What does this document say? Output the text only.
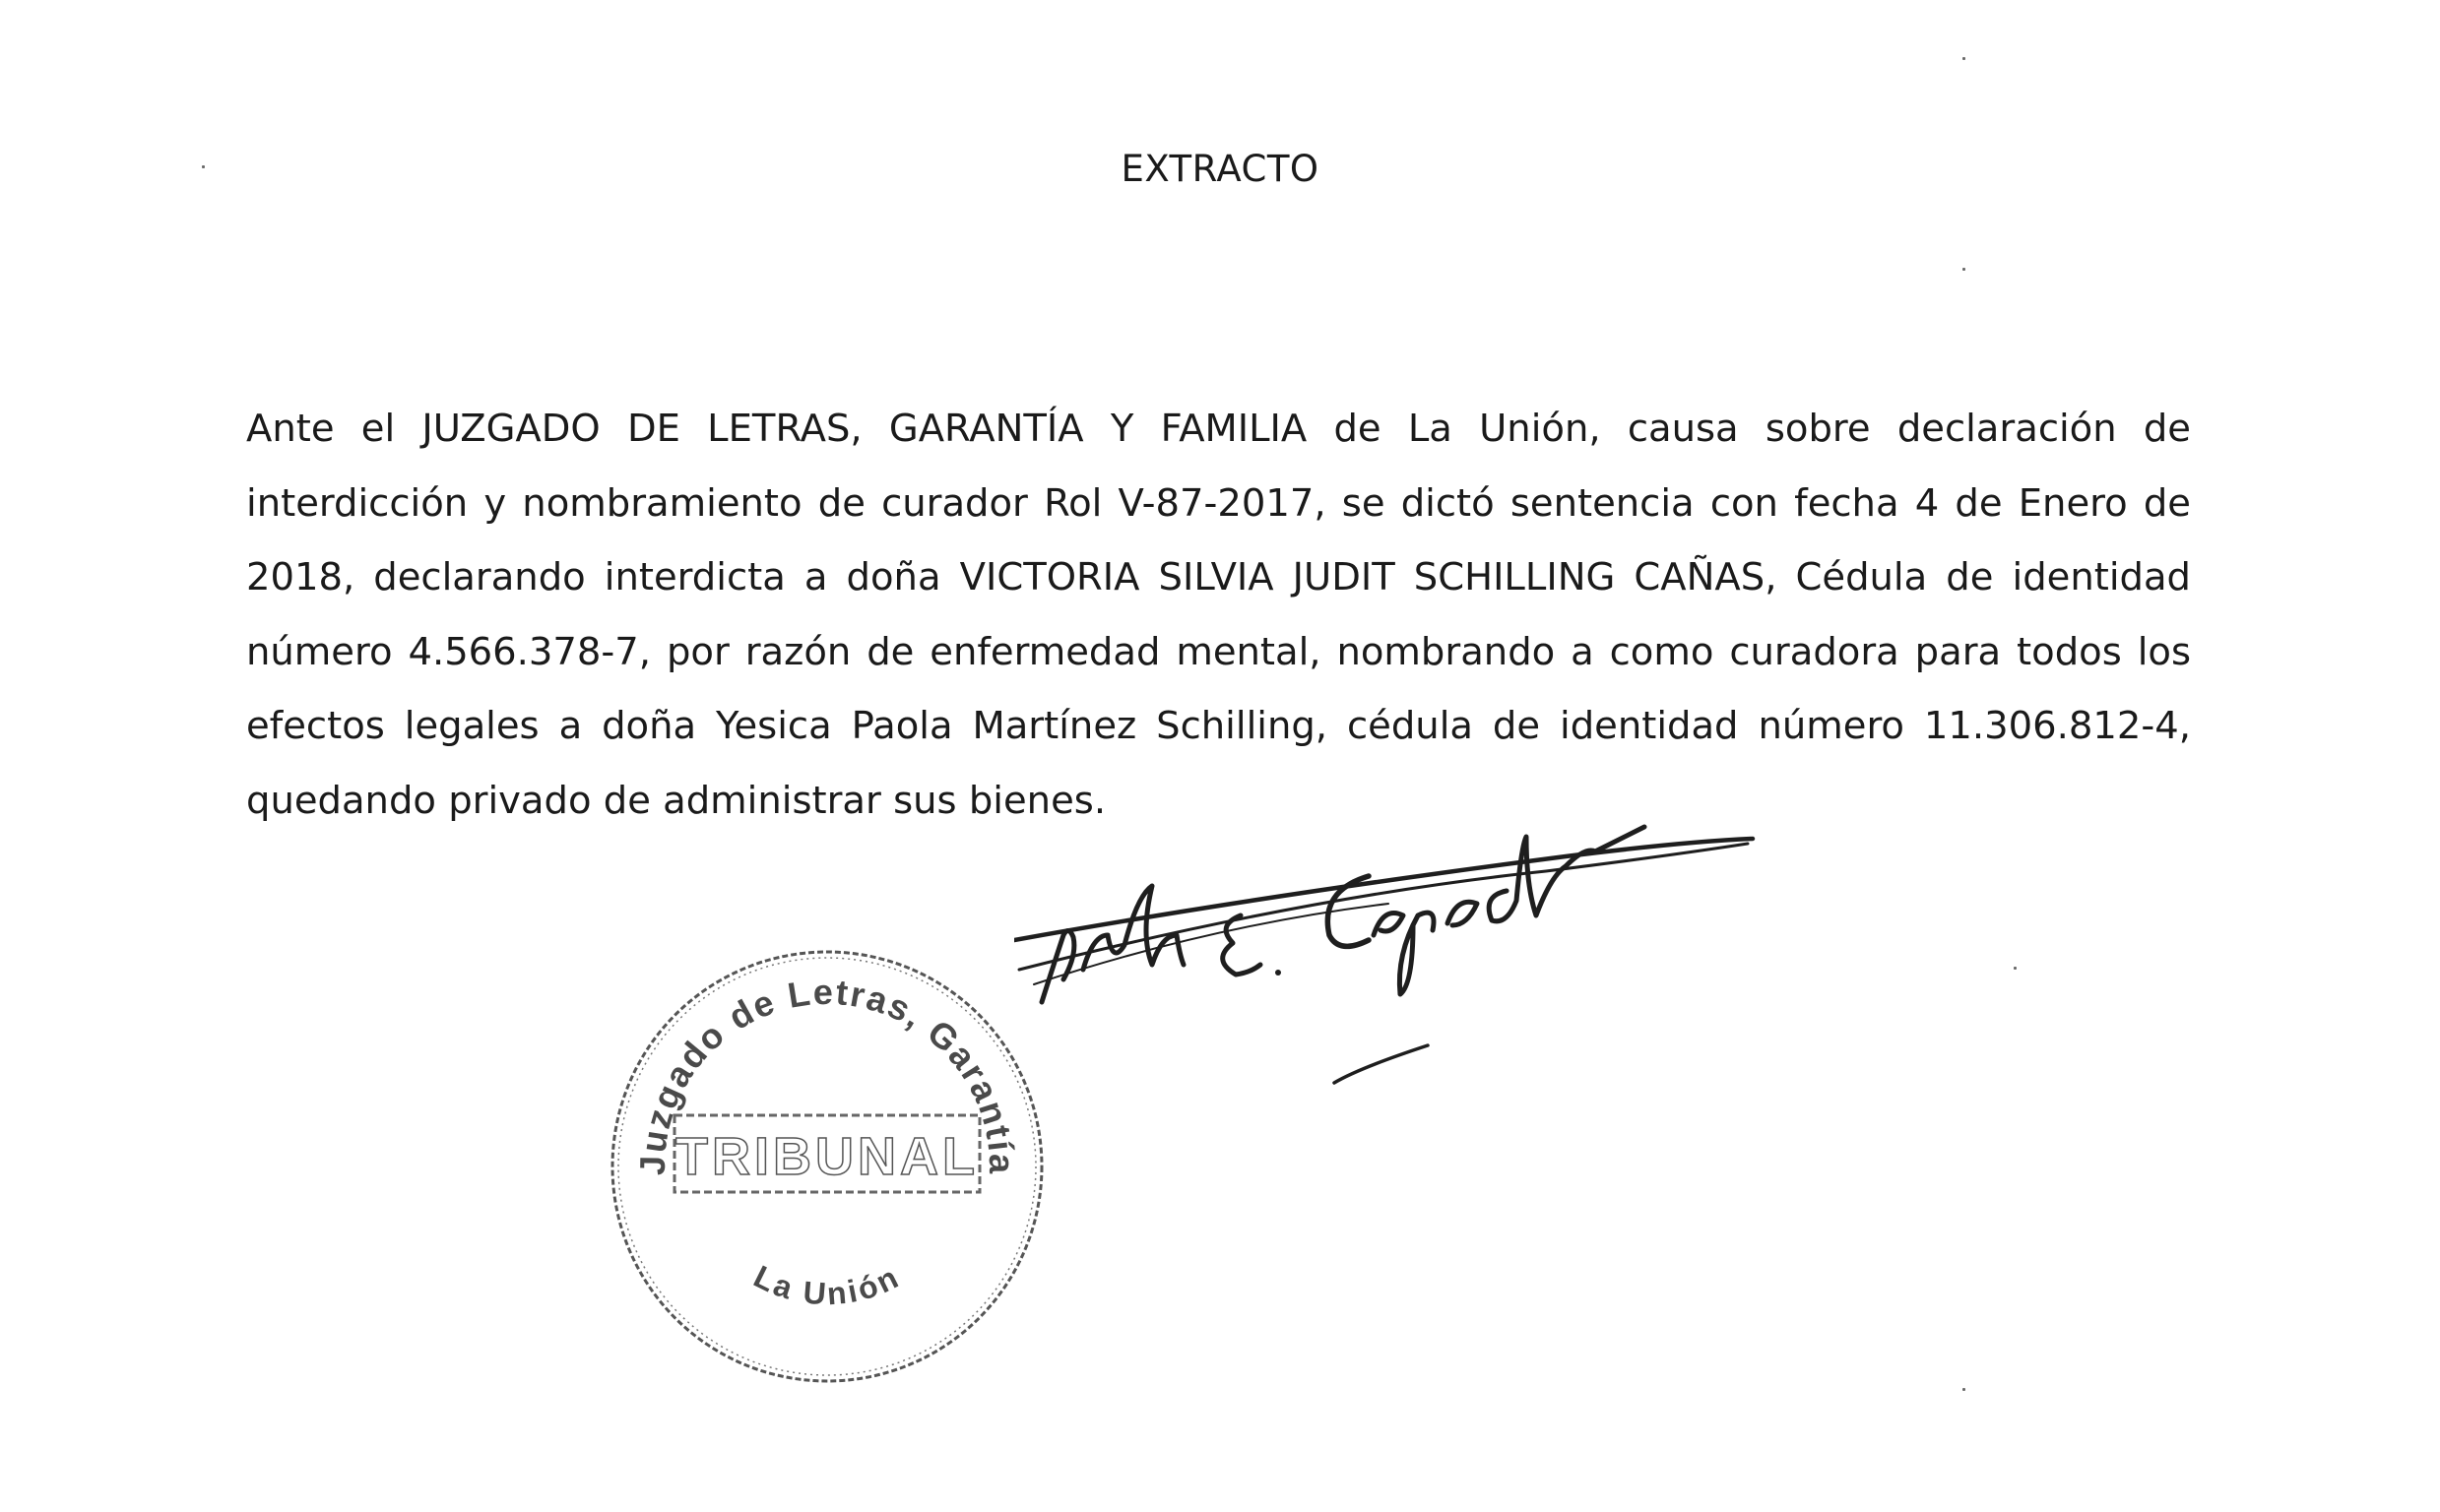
EXTRACTO
Ante el JUZGADO DE LETRAS, GARANTÍA Y FAMILIA de La Unión, causa sobre declaración de interdicción y nombramiento de curador Rol V-87-2017, se dictó sentencia con fecha 4 de Enero de 2018, declarando interdicta a doña VICTORIA SILVIA JUDIT SCHILLING CAÑAS, Cédula de identidad número 4.566.378-7, por razón de enfermedad mental, nombrando a como curadora para todos los efectos legales a doña Yesica Paola Martínez Schilling, cédula de identidad número 11.306.812-4, quedando privado de administrar sus bienes.
Juzgado de Letras, Garantía
TRIBUNAL
La Unión
